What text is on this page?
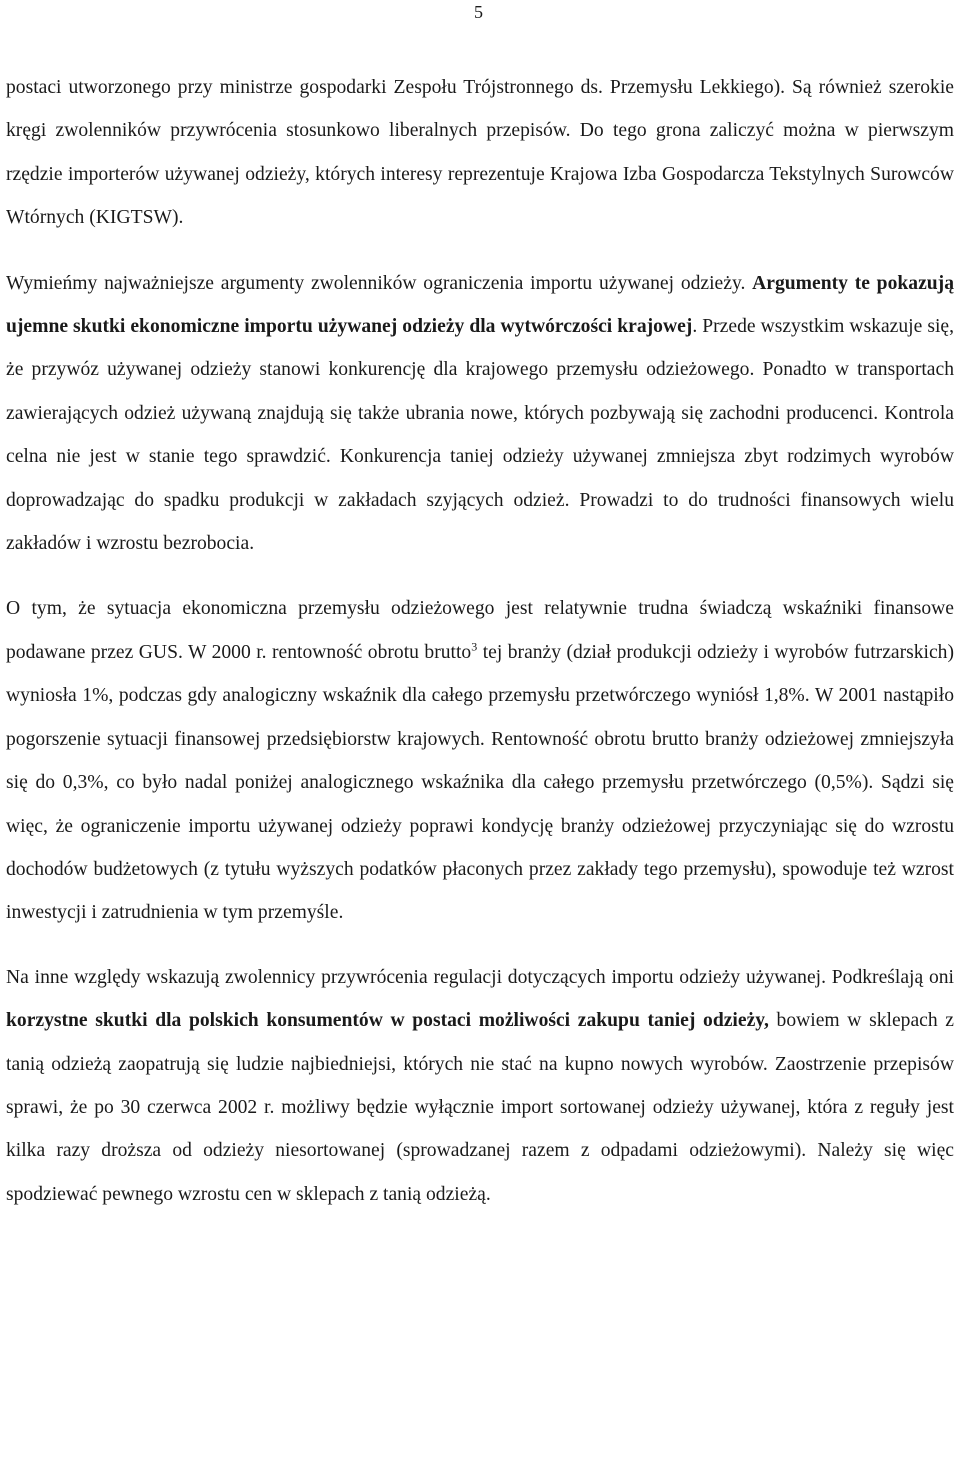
5

postaci utworzonego przy ministrze gospodarki Zespołu Trójstronnego ds. Przemysłu Lekkiego). Są również szerokie kręgi zwolenników przywrócenia stosunkowo liberalnych przepisów. Do tego grona zaliczyć można w pierwszym rzędzie importerów używanej odzieży, których interesy reprezentuje Krajowa Izba Gospodarcza Tekstylnych Surowców Wtórnych (KIGTSW).

Wymieńmy najważniejsze argumenty zwolenników ograniczenia importu używanej odzieży. Argumenty te pokazują ujemne skutki ekonomiczne importu używanej odzieży dla wytwórczości krajowej. Przede wszystkim wskazuje się, że przywóz używanej odzieży stanowi konkurencję dla krajowego przemysłu odzieżowego. Ponadto w transportach zawierających odzież używaną znajdują się także ubrania nowe, których pozbywają się zachodni producenci. Kontrola celna nie jest w stanie tego sprawdzić. Konkurencja taniej odzieży używanej zmniejsza zbyt rodzimych wyrobów doprowadzając do spadku produkcji w zakładach szyjących odzież. Prowadzi to do trudności finansowych wielu zakładów i wzrostu bezrobocia.

O tym, że sytuacja ekonomiczna przemysłu odzieżowego jest relatywnie trudna świadczą wskaźniki finansowe podawane przez GUS. W 2000 r. rentowność obrotu brutto$^3$ tej branży (dział produkcji odzieży i wyrobów futrzarskich) wyniosła 1%, podczas gdy analogiczny wskaźnik dla całego przemysłu przetwórczego wyniósł 1,8%. W 2001 nastąpiło pogorszenie sytuacji finansowej przedsiębiorstw krajowych. Rentowność obrotu brutto branży odzieżowej zmniejszyła się do 0,3%, co było nadal poniżej analogicznego wskaźnika dla całego przemysłu przetwórczego (0,5%). Sądzi się więc, że ograniczenie importu używanej odzieży poprawi kondycję branży odzieżowej przyczyniając się do wzrostu dochodów budżetowych (z tytułu wyższych podatków płaconych przez zakłady tego przemysłu), spowoduje też wzrost inwestycji i zatrudnienia w tym przemyśle.

Na inne względy wskazują zwolennicy przywrócenia regulacji dotyczących importu odzieży używanej. Podkreślają oni korzystne skutki dla polskich konsumentów w postaci możliwości zakupu taniej odzieży, bowiem w sklepach z tanią odzieżą zaopatrują się ludzie najbiedniejsi, których nie stać na kupno nowych wyrobów. Zaostrzenie przepisów sprawi, że po 30 czerwca 2002 r. możliwy będzie wyłącznie import sortowanej odzieży używanej, która z reguły jest kilka razy droższa od odzieży niesortowanej (sprowadzanej razem z odpadami odzieżowymi). Należy się więc spodziewać pewnego wzrostu cen w sklepach z tanią odzieżą.
